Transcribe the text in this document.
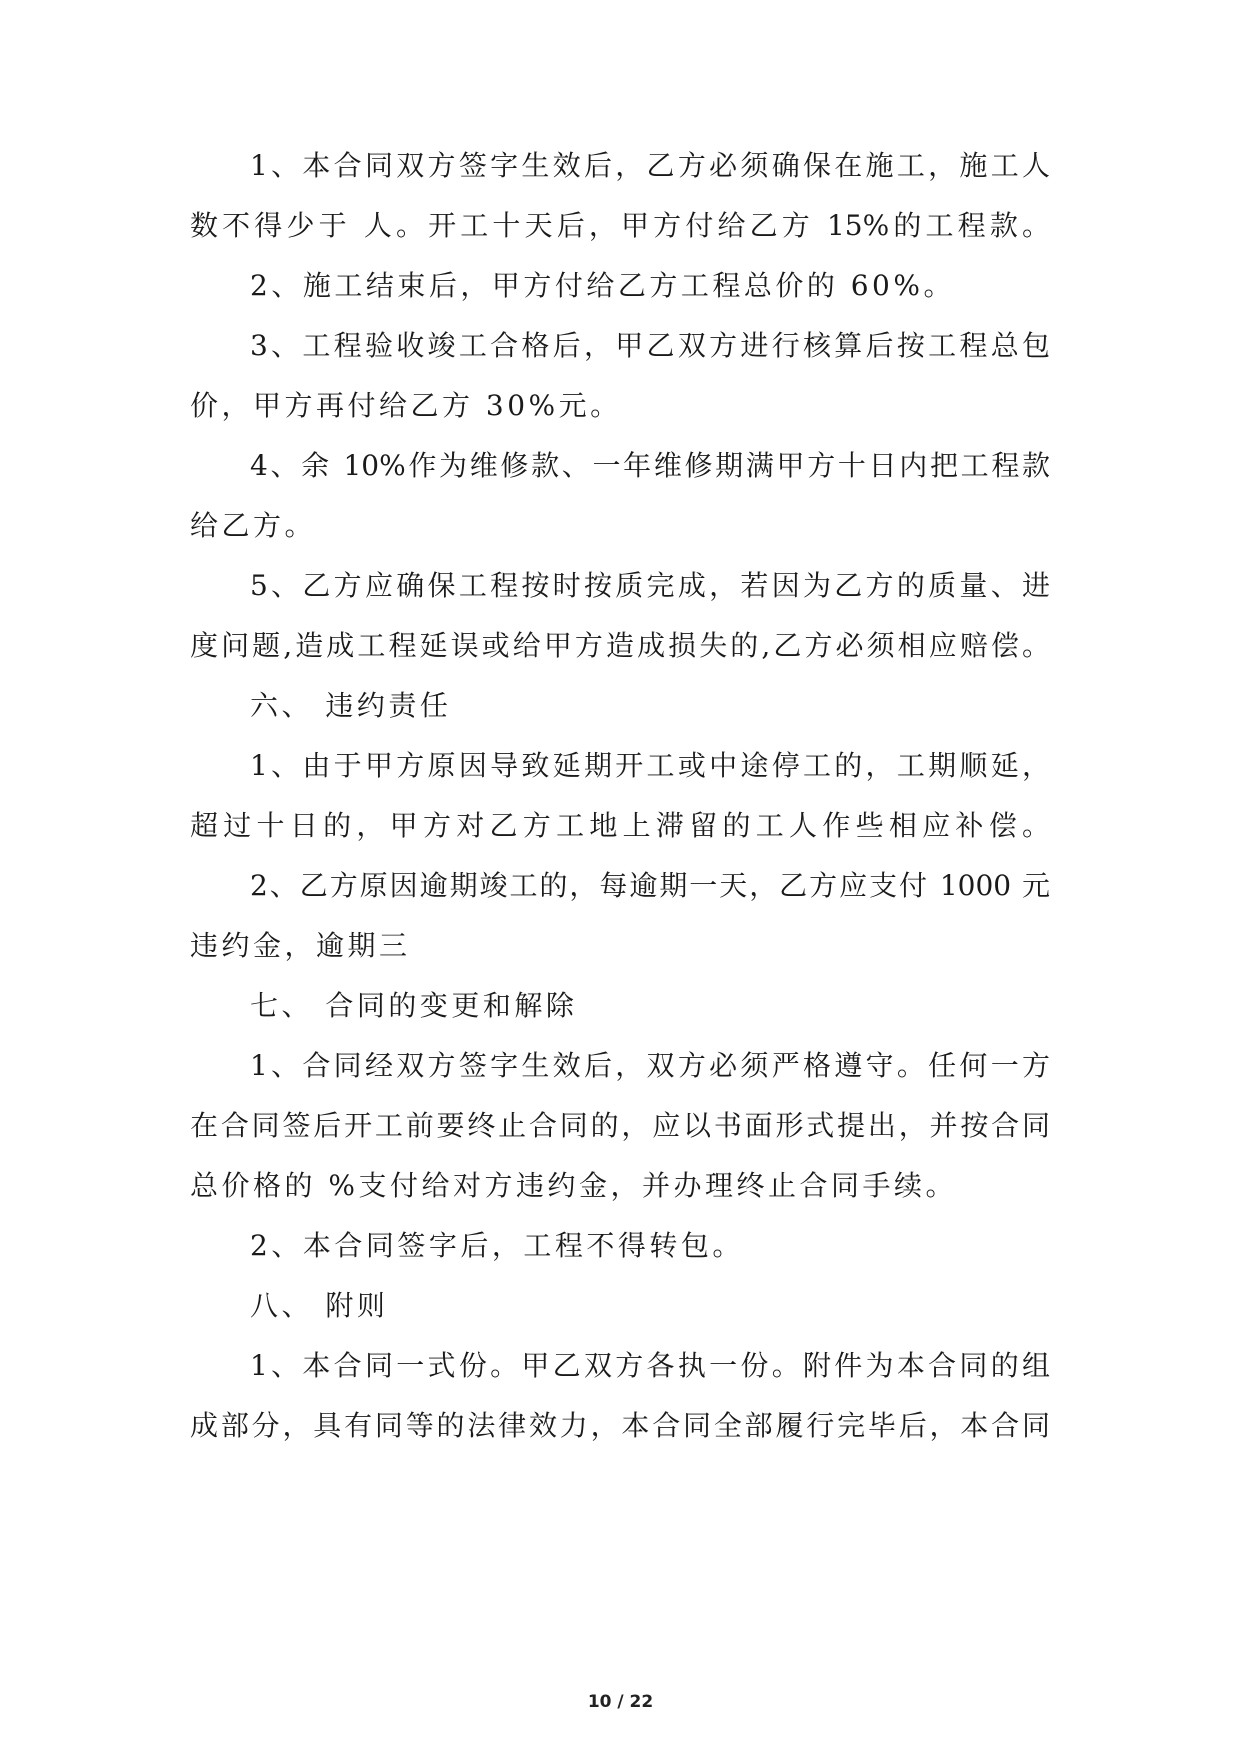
1、本合同双方签字生效后，乙方必须确保在施工，施工人
数不得少于 人。开工十天后，甲方付给乙方 15%的工程款。
2、施工结束后，甲方付给乙方工程总价的 60%。
3、工程验收竣工合格后，甲乙双方进行核算后按工程总包
价，甲方再付给乙方 30%元。
4、余 10%作为维修款、一年维修期满甲方十日内把工程款
给乙方。
5、乙方应确保工程按时按质完成，若因为乙方的质量、进
度问题,造成工程延误或给甲方造成损失的,乙方必须相应赔偿。
六、 违约责任
1、由于甲方原因导致延期开工或中途停工的，工期顺延，
超过十日的，甲方对乙方工地上滞留的工人作些相应补偿。
2、乙方原因逾期竣工的，每逾期一天，乙方应支付 1000 元
违约金，逾期三
七、 合同的变更和解除
1、合同经双方签字生效后，双方必须严格遵守。任何一方
在合同签后开工前要终止合同的，应以书面形式提出，并按合同
总价格的 %支付给对方违约金，并办理终止合同手续。
2、本合同签字后，工程不得转包。
八、 附则
1、本合同一式份。甲乙双方各执一份。附件为本合同的组
成部分，具有同等的法律效力，本合同全部履行完毕后，本合同
10 / 22
